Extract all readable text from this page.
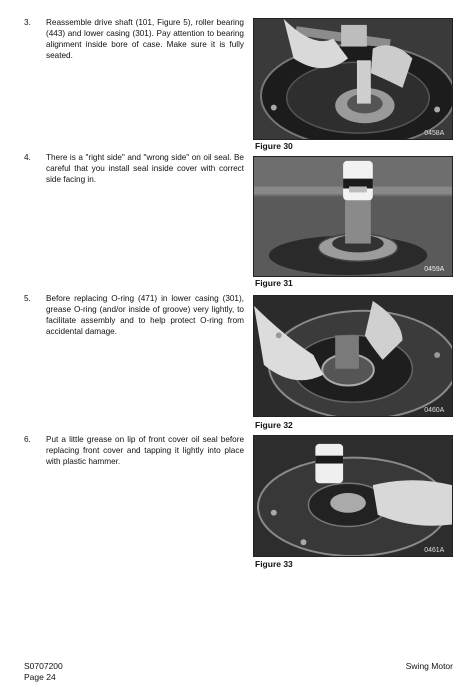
3. Reassemble drive shaft (101, Figure 5), roller bearing (443) and lower casing (301). Pay attention to bearing alignment inside bore of case. Make sure it is fully seated.
4. There is a "right side" and "wrong side" on oil seal. Be careful that you install seal inside cover with correct side facing in.
5. Before replacing O-ring (471) in lower casing (301), grease O-ring (and/or inside of groove) very lightly, to facilitate assembly and to help protect O-ring from accidental damage.
6. Put a little grease on lip of front cover oil seal before replacing front cover and tapping it lightly into place with plastic hammer.
0458A
Figure 30
0459A
Figure 31
0460A
Figure 32
0461A
Figure 33
S0707200
Page 24
Swing Motor
